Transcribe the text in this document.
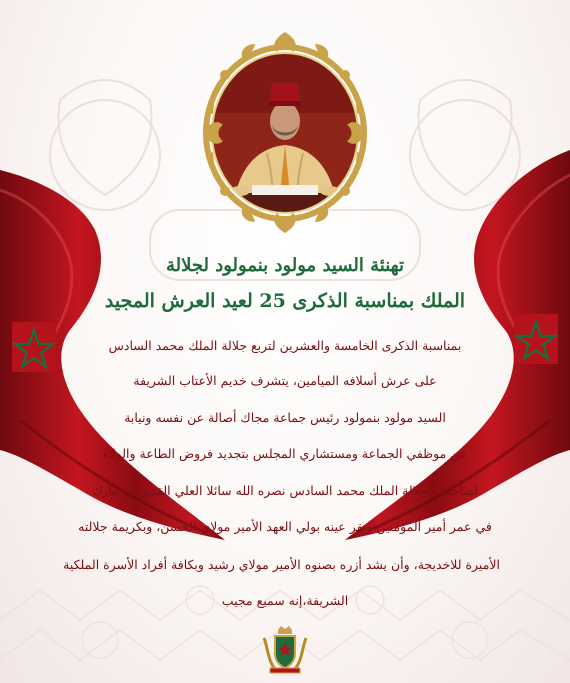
تهنئة السيد مولود بنمولود لجلالة
الملك بمناسبة الذكرى 25 لعيد العرش المجيد
بمناسبة الذكرى الخامسة والعشرين لتربع جلالة الملك محمد السادس
على عرش أسلافه الميامين، يتشرف خديم الأعتاب الشريفة
السيد مولود بنمولود رئيس جماعة مجاك أصالة عن نفسه ونيابة
عن موظفي الجماعة ومستشاري المجلس بتجديد فروض الطاعة والولاء
لصاحب الجلالة الملك محمد السادس نصره الله سائلا العلي القدير أن يبارك
في عمر أمير المؤمنين ويقر عينه بولي العهد الأمير مولاي الحسن، وبكريمة جلالته
الأميرة للاخديجة، وأن يشد أزره بصنوه الأمير مولاي رشيد وبكافة أفراد الأسرة الملكية
الشريفة،إنه سميع مجيب
